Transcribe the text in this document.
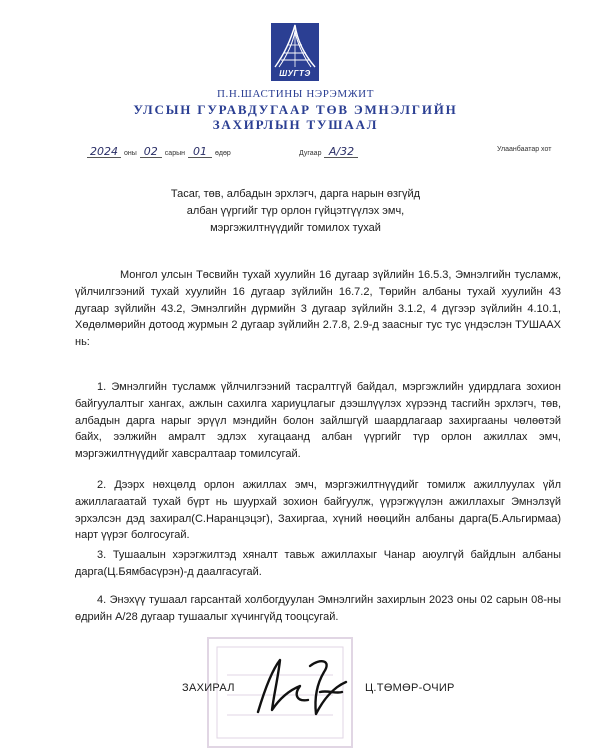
ШУГТЭ
П.Н.ШАСТИНЫ НЭРЭМЖИТ
УЛСЫН ГУРАВДУГААР ТӨВ ЭМНЭЛГИЙН
ЗАХИРЛЫН ТУШААЛ
2024 оны 02 сарын 01 өдөр	Дугаар А/32	Улаанбаатар хот
Тасаг, төв, албадын эрхлэгч, дарга нарын өзгүйд
албан үүргийг түр орлон гүйцэтгүүлэх эмч,
мэргэжилтнүүдийг томилох тухай
Монгол улсын Төсвийн тухай хуулийн 16 дугаар зүйлийн 16.5.3, Эмнэлгийн тусламж, үйлчилгээний тухай хуулийн 16 дугаар зүйлийн 16.7.2, Төрийн албаны тухай хуулийн 43 дугаар зүйлийн 43.2, Эмнэлгийн дүрмийн 3 дугаар зүйлийн 3.1.2, 4 дүгээр зүйлийн 4.10.1, Хөдөлмөрийн дотоод журмын 2 дугаар зүйлийн 2.7.8, 2.9-д заасныг тус тус үндэслэн ТУШААХ нь:
1. Эмнэлгийн тусламж үйлчилгээний тасралтгүй байдал, мэргэжлийн удирдлага зохион байгуулалтыг хангах, ажлын сахилга хариуцлагыг дээшлүүлэх хүрээнд тасгийн эрхлэгч, төв, албадын дарга нарыг эрүүл мэндийн болон зайлшгүй шаардлагаар захиргааны чөлөөтэй байх, ээлжийн амралт эдлэх хугацаанд албан үүргийг түр орлон ажиллах эмч, мэргэжилтнүүдийг хавсралтаар томилсугай.
2. Дээрх нөхцөлд орлон ажиллах эмч, мэргэжилтнүүдийг томилж ажиллуулах үйл ажиллагаатай тухай бүрт нь шуурхай зохион байгуулж, үүрэгжүүлэн ажиллахыг Эмнэлзүй эрхэлсэн дэд захирал(С.Наранцэцэг), Захиргаа, хүний нөөцийн албаны дарга(Б.Альгирмаа) нарт үүрэг болгосугай.
3. Тушаалын хэрэгжилтэд хяналт тавьж ажиллахыг Чанар аюулгүй байдлын албаны дарга(Ц.Бямбасүрэн)-д даалгасугай.
4. Энэхүү тушаал гарсантай холбогдуулан Эмнэлгийн захирлын 2023 оны 02 сарын 08-ны өдрийн А/28 дугаар тушаалыг хүчингүйд тооцсугай.
ЗАХИРАЛ	Ц.ТӨМӨР-ОЧИР
